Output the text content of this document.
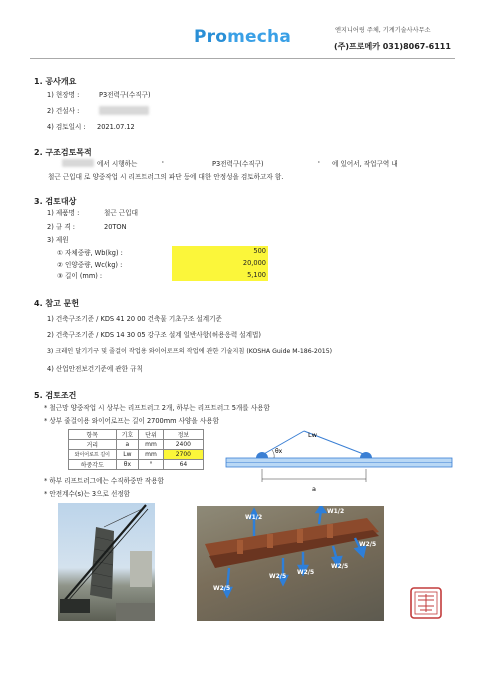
Promecha	엔지니어링 주체, 기계기술사사무소
(주)프로메카 031)8067-6111
1. 공사개요
1) 현장명 :	P3전력구(수직구)
2) 건설사 :
4) 검토일시 : 2021.07.12
2. 구조검토목적
에서 시행하는	'	P3전력구(수직구)	' 에 있어서, 작업구역 내
철근 근입대 로 양중작업 시 리프트러그의 파단 등에 대한 안정성을 검토하고자 함.
3. 검토대상
1) 제품명 :	철근 근입대
2) 규 격 :	20TON
3) 제원
① 자체중량, Wb(kg) :	500
② 인양중량, Wc(kg) :	20,000
③ 길이 (mm) :	5,100
4. 참고 문헌
1) 건축구조기준 / KDS 41 20 00 건축물 기초구조 설계기준
2) 건축구조기준 / KDS 14 30 05 강구조 설계 일반사항(허용응력 설계법)
3) 크레인 달기기구 및 줄걸이 작업용 와이어로프의 작업에 관한 기술지침 (KOSHA Guide M-186-2015)
4) 산업안전보건기준에 관한 규칙
5. 검토조건
* 철근망 양중작업 시 상부는 리프트러그 2개, 하부는 리프트러그 5개를 사용함
* 상부 줄걸이용 와이어로프는 길이 2700mm 사양을 사용함
항목	기호	단위	정보
거리	a	mm	2400
와이어로프 길이	Lw	mm	2700
하중각도	θx	°	64
Lw
θx
a
* 하부 리프트러그에는 수직하중만 작용함
* 안전계수(s)는 3으로 선정함
W1/2
W1/2
W2/5
W2/5
W2/5
W2/5
W2/5
